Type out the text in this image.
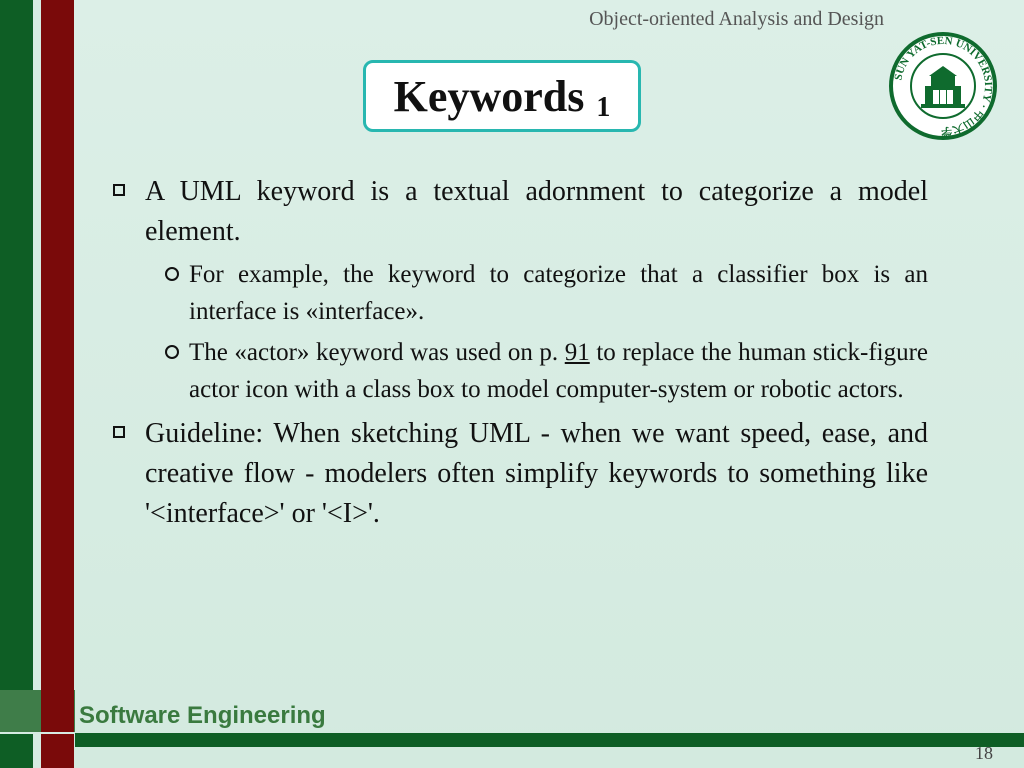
Object-oriented Analysis and Design
Keywords 1
SUN YAT-SEN UNIVERSITY · 中山大学
A UML keyword is a textual adornment to categorize a model element.
For example, the keyword to categorize that a classifier box is an interface is «interface».
The «actor» keyword was used on p. 91 to replace the human stick-figure actor icon with a class box to model computer-system or robotic actors.
Guideline: When sketching UML - when we want speed, ease, and creative flow - modelers often simplify keywords to something like '<interface>' or '<I>'.
Software Engineering
18
